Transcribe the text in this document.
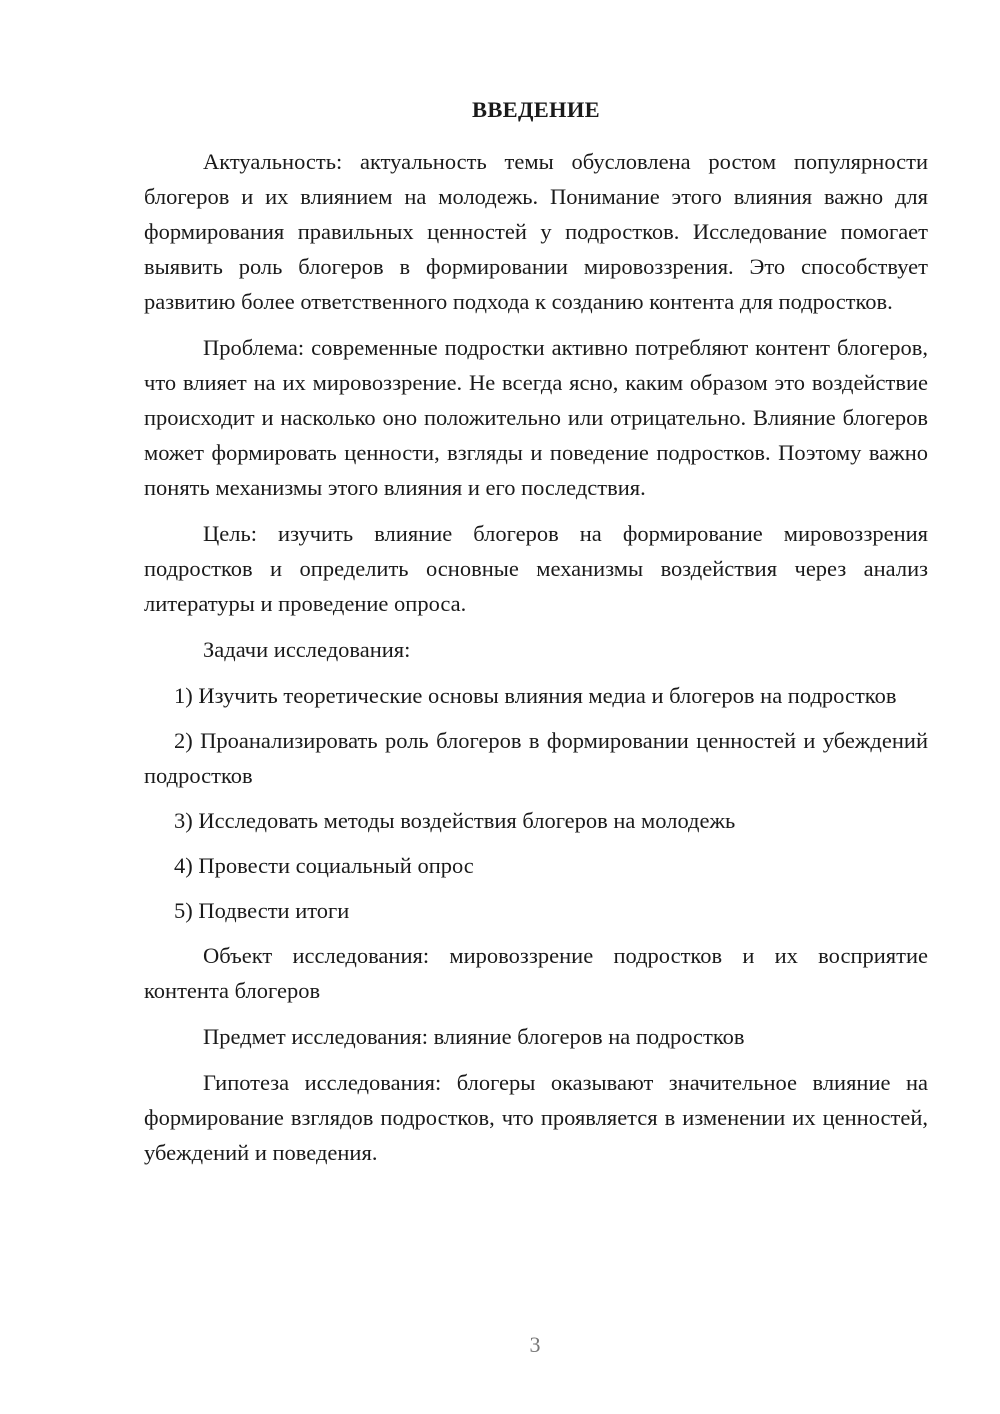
ВВЕДЕНИЕ

Актуальность: актуальность темы обусловлена ростом популярности блогеров и их влиянием на молодежь. Понимание этого влияния важно для формирования правильных ценностей у подростков. Исследование помогает выявить роль блогеров в формировании мировоззрения. Это способствует развитию более ответственного подхода к созданию контента для подростков.

Проблема: современные подростки активно потребляют контент блогеров, что влияет на их мировоззрение. Не всегда ясно, каким образом это воздействие происходит и насколько оно положительно или отрицательно. Влияние блогеров может формировать ценности, взгляды и поведение подростков. Поэтому важно понять механизмы этого влияния и его последствия.

Цель: изучить влияние блогеров на формирование мировоззрения подростков и определить основные механизмы воздействия через анализ литературы и проведение опроса.

Задачи исследования:

1) Изучить теоретические основы влияния медиа и блогеров на подростков

2) Проанализировать роль блогеров в формировании ценностей и убеждений подростков

3) Исследовать методы воздействия блогеров на молодежь

4) Провести социальный опрос

5) Подвести итоги

Объект исследования: мировоззрение подростков и их восприятие контента блогеров

Предмет исследования: влияние блогеров на подростков

Гипотеза исследования: блогеры оказывают значительное влияние на формирование взглядов подростков, что проявляется в изменении их ценностей, убеждений и поведения.

3
